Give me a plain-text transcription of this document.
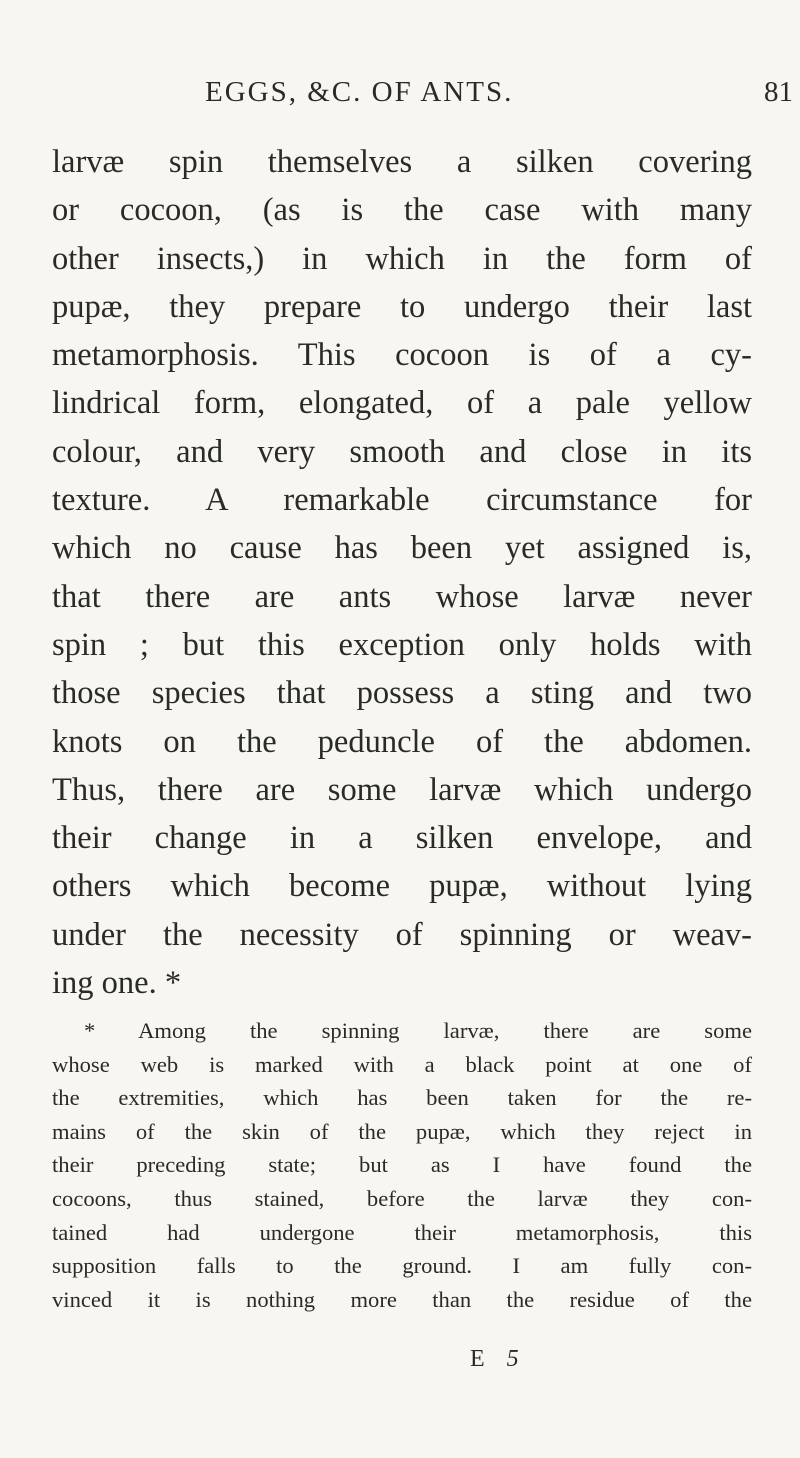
EGGS, &C. OF ANTS.	81
larvæ spin themselves a silken covering
or cocoon, (as is the case with many
other insects,) in which in the form of
pupæ, they prepare to undergo their last
metamorphosis. This cocoon is of a cy-
lindrical form, elongated, of a pale yellow
colour, and very smooth and close in its
texture. A remarkable circumstance for
which no cause has been yet assigned is,
that there are ants whose larvæ never
spin ; but this exception only holds with
those species that possess a sting and two
knots on the peduncle of the abdomen.
Thus, there are some larvæ which undergo
their change in a silken envelope, and
others which become pupæ, without lying
under the necessity of spinning or weav-
ing one. *
* Among the spinning larvæ, there are some
whose web is marked with a black point at one of
the extremities, which has been taken for the re-
mains of the skin of the pupæ, which they reject in
their preceding state; but as I have found the
cocoons, thus stained, before the larvæ they con-
tained had undergone their metamorphosis, this
supposition falls to the ground. I am fully con-
vinced it is nothing more than the residue of the
E5
